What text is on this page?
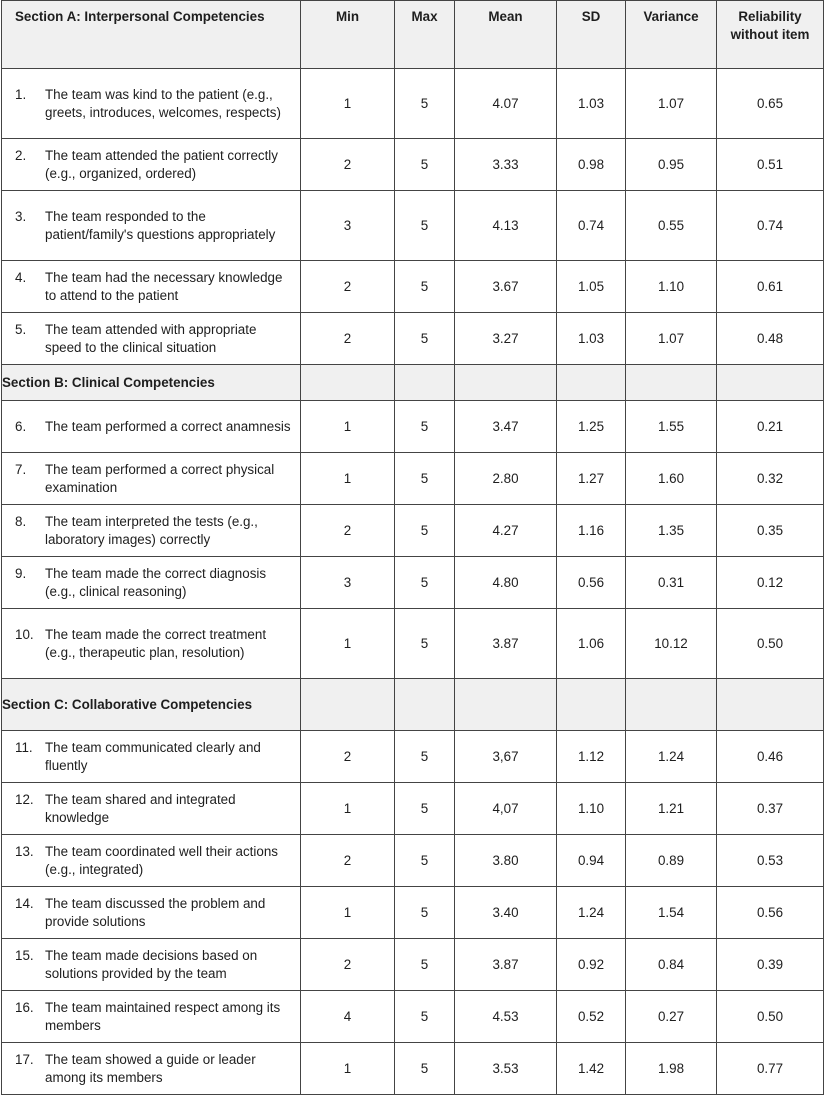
Section A: Interpersonal Competencies	Min	Max	Mean	SD	Variance	Reliability without item

1. The team was kind to the patient (e.g., greets, introduces, welcomes, respects)	1	5	4.07	1.03	1.07	0.65

2. The team attended the patient correctly (e.g., organized, ordered)	2	5	3.33	0.98	0.95	0.51

3. The team responded to the patient/family's questions appropriately	3	5	4.13	0.74	0.55	0.74

4. The team had the necessary knowledge to attend to the patient	2	5	3.67	1.05	1.10	0.61

5. The team attended with appropriate speed to the clinical situation	2	5	3.27	1.03	1.07	0.48
Section B: Clinical Competencies						

6. The team performed a correct anamnesis	1	5	3.47	1.25	1.55	0.21

7. The team performed a correct physical examination	1	5	2.80	1.27	1.60	0.32

8. The team interpreted the tests (e.g., laboratory images) correctly	2	5	4.27	1.16	1.35	0.35

9. The team made the correct diagnosis (e.g., clinical reasoning)	3	5	4.80	0.56	0.31	0.12

10. The team made the correct treatment (e.g., therapeutic plan, resolution)	1	5	3.87	1.06	10.12	0.50
Section C: Collaborative Competencies						

11. The team communicated clearly and fluently	2	5	3,67	1.12	1.24	0.46

12. The team shared and integrated knowledge	1	5	4,07	1.10	1.21	0.37

13. The team coordinated well their actions (e.g., integrated)	2	5	3.80	0.94	0.89	0.53

14. The team discussed the problem and provide solutions	1	5	3.40	1.24	1.54	0.56

15. The team made decisions based on solutions provided by the team	2	5	3.87	0.92	0.84	0.39

16. The team maintained respect among its members	4	5	4.53	0.52	0.27	0.50

17. The team showed a guide or leader among its members	1	5	3.53	1.42	1.98	0.77
